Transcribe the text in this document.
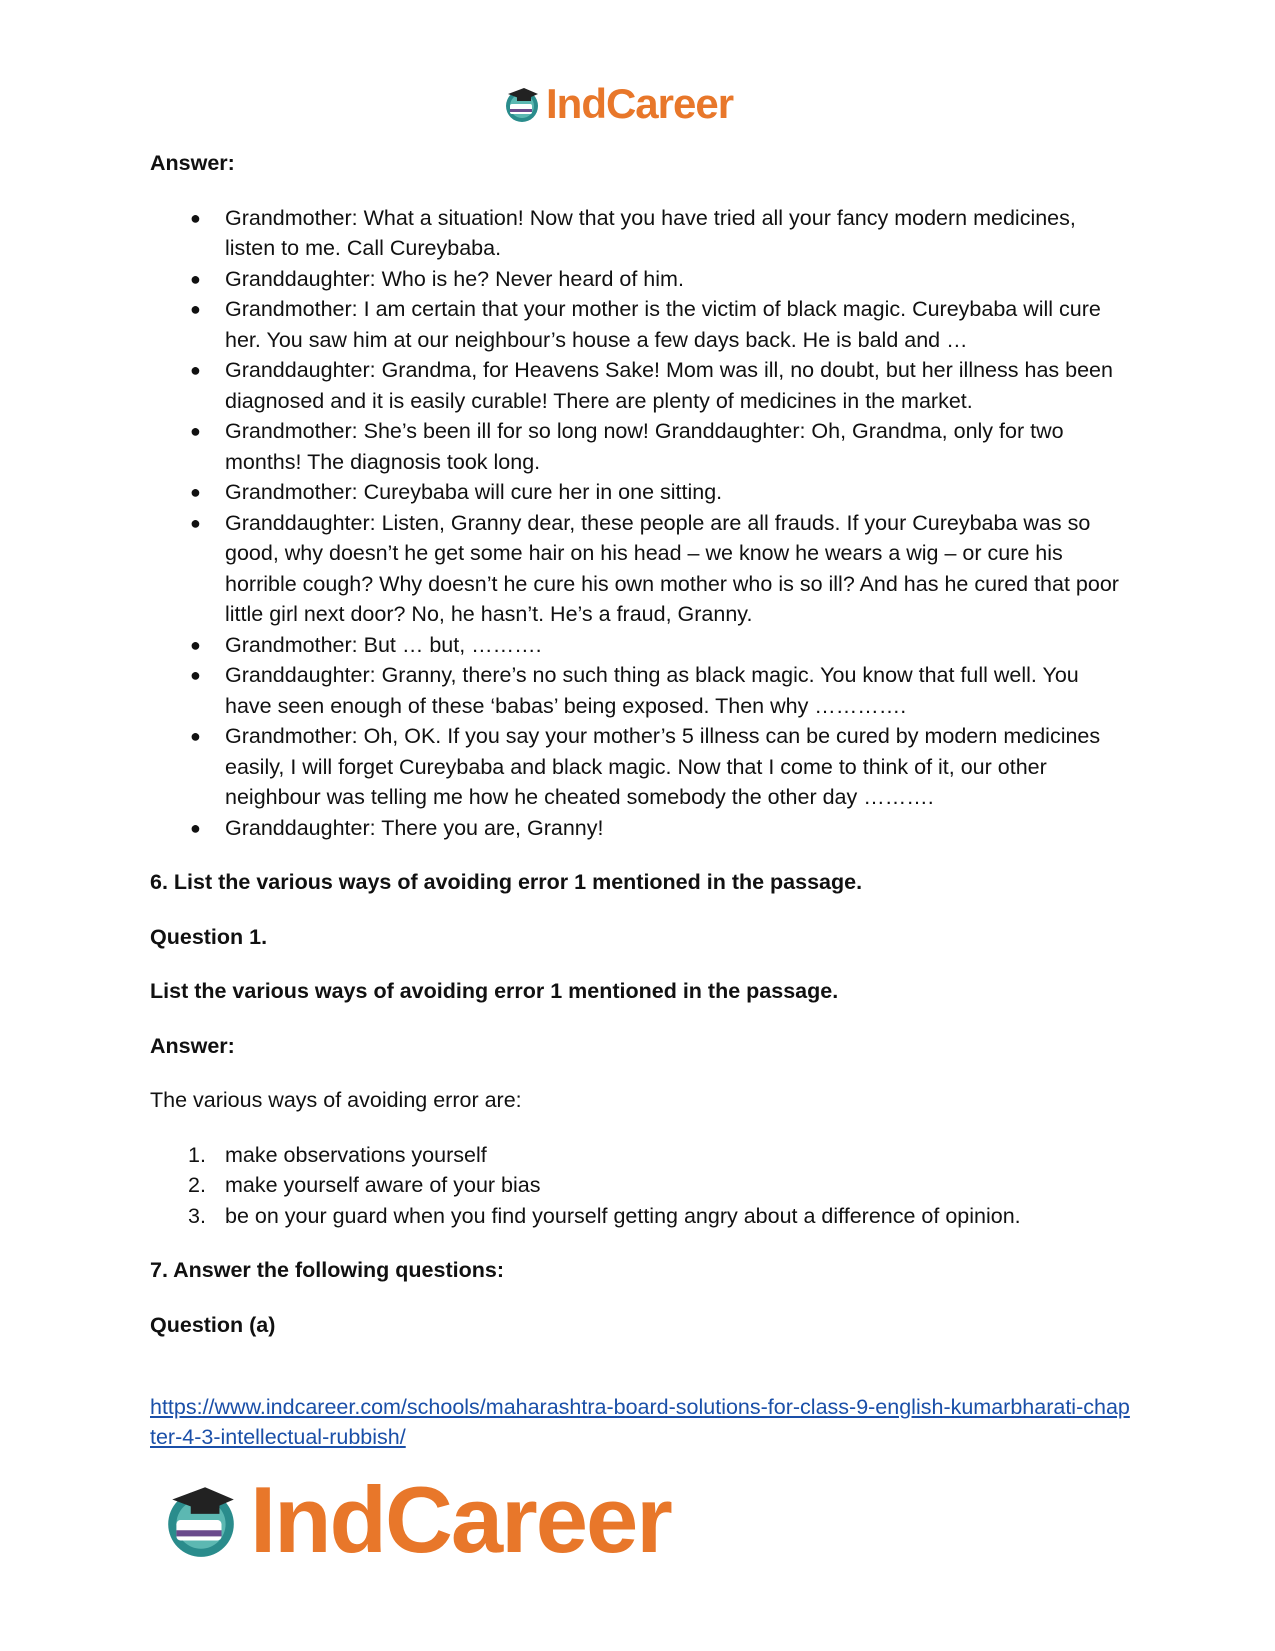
IndCareer
Answer:
● Grandmother: What a situation! Now that you have tried all your fancy modern medicines, listen to me. Call Cureybaba.
● Granddaughter: Who is he? Never heard of him.
● Grandmother: I am certain that your mother is the victim of black magic. Cureybaba will cure her. You saw him at our neighbour’s house a few days back. He is bald and …
● Granddaughter: Grandma, for Heavens Sake! Mom was ill, no doubt, but her illness has been diagnosed and it is easily curable! There are plenty of medicines in the market.
● Grandmother: She’s been ill for so long now! Granddaughter: Oh, Grandma, only for two months! The diagnosis took long.
● Grandmother: Cureybaba will cure her in one sitting.
● Granddaughter: Listen, Granny dear, these people are all frauds. If your Cureybaba was so good, why doesn’t he get some hair on his head – we know he wears a wig – or cure his horrible cough? Why doesn’t he cure his own mother who is so ill? And has he cured that poor little girl next door? No, he hasn’t. He’s a fraud, Granny.
● Grandmother: But … but, ……….
● Granddaughter: Granny, there’s no such thing as black magic. You know that full well. You have seen enough of these ‘babas’ being exposed. Then why ………….
● Grandmother: Oh, OK. If you say your mother’s 5 illness can be cured by modern medicines easily, I will forget Cureybaba and black magic. Now that I come to think of it, our other neighbour was telling me how he cheated somebody the other day ……….
● Granddaughter: There you are, Granny!
6. List the various ways of avoiding error 1 mentioned in the passage.
Question 1.
List the various ways of avoiding error 1 mentioned in the passage.
Answer:
The various ways of avoiding error are:
1. make observations yourself
2. make yourself aware of your bias
3. be on your guard when you find yourself getting angry about a difference of opinion.
7. Answer the following questions:
Question (a)
https://www.indcareer.com/schools/maharashtra-board-solutions-for-class-9-english-kumarbharati-chapter-4-3-intellectual-rubbish/
IndCareer
